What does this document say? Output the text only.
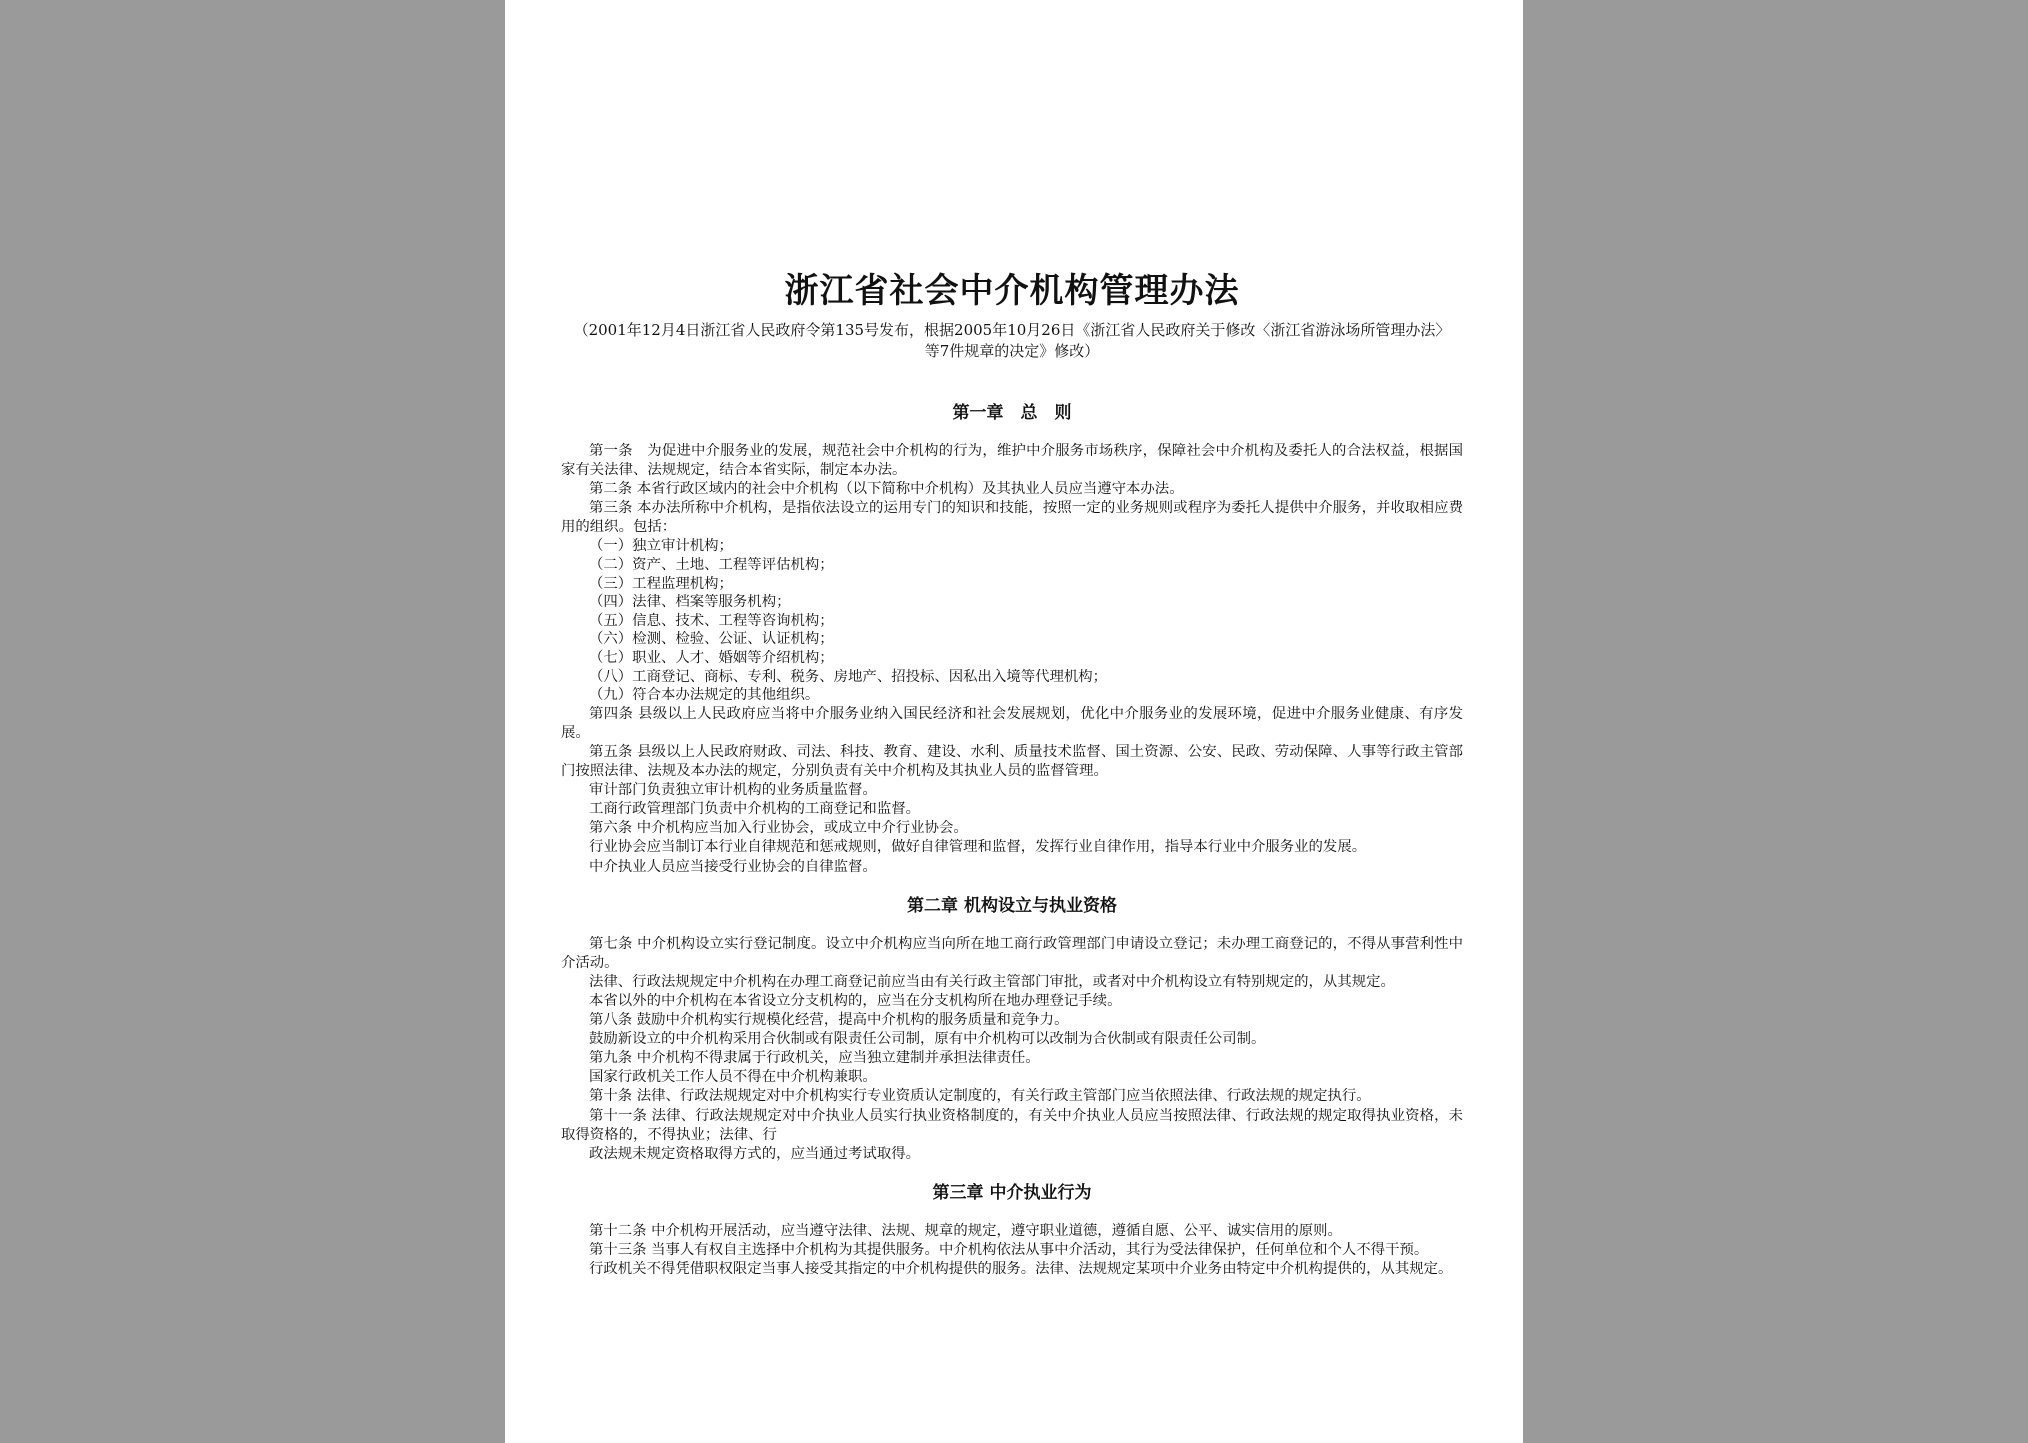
浙江省社会中介机构管理办法

（2001年12月4日浙江省人民政府令第135号发布，根据2005年10月26日《浙江省人民政府关于修改〈浙江省游泳场所管理办法〉等7件规章的决定》修改）

第一章　总　则

第一条　为促进中介服务业的发展，规范社会中介机构的行为，维护中介服务市场秩序，保障社会中介机构及委托人的合法权益，根据国家有关法律、法规规定，结合本省实际，制定本办法。

第二条 本省行政区域内的社会中介机构（以下简称中介机构）及其执业人员应当遵守本办法。

第三条 本办法所称中介机构，是指依法设立的运用专门的知识和技能，按照一定的业务规则或程序为委托人提供中介服务，并收取相应费用的组织。包括：

（一）独立审计机构；

（二）资产、土地、工程等评估机构；

（三）工程监理机构；

（四）法律、档案等服务机构；

（五）信息、技术、工程等咨询机构；

（六）检测、检验、公证、认证机构；

（七）职业、人才、婚姻等介绍机构；

（八）工商登记、商标、专利、税务、房地产、招投标、因私出入境等代理机构；

（九）符合本办法规定的其他组织。

第四条 县级以上人民政府应当将中介服务业纳入国民经济和社会发展规划，优化中介服务业的发展环境，促进中介服务业健康、有序发展。

第五条 县级以上人民政府财政、司法、科技、教育、建设、水利、质量技术监督、国土资源、公安、民政、劳动保障、人事等行政主管部门按照法律、法规及本办法的规定，分别负责有关中介机构及其执业人员的监督管理。

审计部门负责独立审计机构的业务质量监督。

工商行政管理部门负责中介机构的工商登记和监督。

第六条 中介机构应当加入行业协会，或成立中介行业协会。

行业协会应当制订本行业自律规范和惩戒规则，做好自律管理和监督，发挥行业自律作用，指导本行业中介服务业的发展。

中介执业人员应当接受行业协会的自律监督。

第二章 机构设立与执业资格

第七条 中介机构设立实行登记制度。设立中介机构应当向所在地工商行政管理部门申请设立登记；未办理工商登记的，不得从事营利性中介活动。

法律、行政法规规定中介机构在办理工商登记前应当由有关行政主管部门审批，或者对中介机构设立有特别规定的，从其规定。

本省以外的中介机构在本省设立分支机构的，应当在分支机构所在地办理登记手续。

第八条 鼓励中介机构实行规模化经营，提高中介机构的服务质量和竞争力。

鼓励新设立的中介机构采用合伙制或有限责任公司制，原有中介机构可以改制为合伙制或有限责任公司制。

第九条 中介机构不得隶属于行政机关，应当独立建制并承担法律责任。

国家行政机关工作人员不得在中介机构兼职。

第十条 法律、行政法规规定对中介机构实行专业资质认定制度的，有关行政主管部门应当依照法律、行政法规的规定执行。

第十一条 法律、行政法规规定对中介执业人员实行执业资格制度的，有关中介执业人员应当按照法律、行政法规的规定取得执业资格，未取得资格的，不得执业；法律、行

政法规未规定资格取得方式的，应当通过考试取得。

第三章 中介执业行为

第十二条 中介机构开展活动，应当遵守法律、法规、规章的规定，遵守职业道德，遵循自愿、公平、诚实信用的原则。

第十三条 当事人有权自主选择中介机构为其提供服务。中介机构依法从事中介活动，其行为受法律保护，任何单位和个人不得干预。

行政机关不得凭借职权限定当事人接受其指定的中介机构提供的服务。法律、法规规定某项中介业务由特定中介机构提供的，从其规定。
